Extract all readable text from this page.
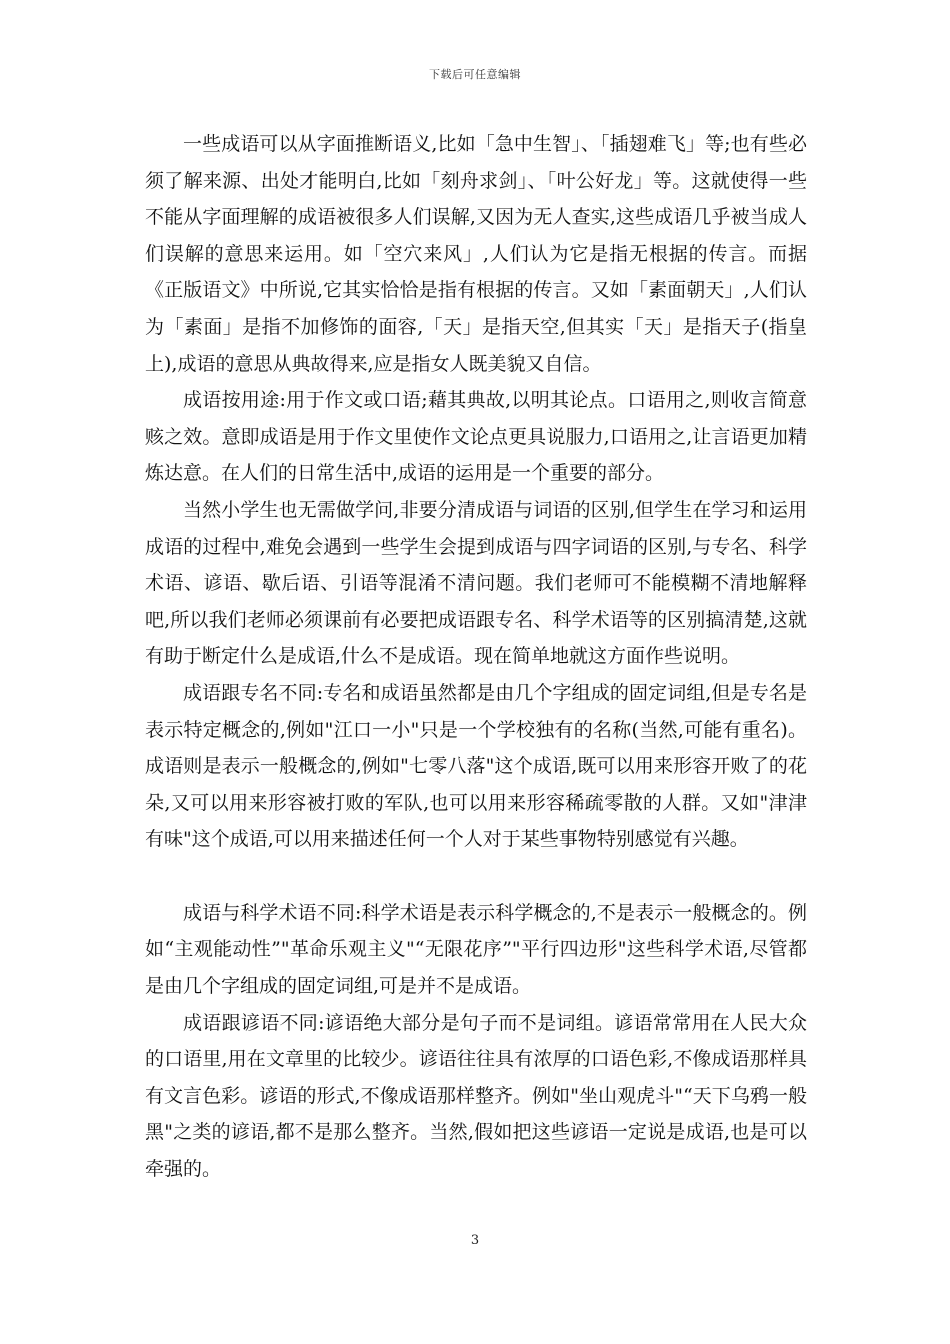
下载后可任意编辑

一些成语可以从字面推断语义,比如「急中生智」、「插翅难飞」等;也有些必须了解来源、出处才能明白,比如「刻舟求剑」、「叶公好龙」等。这就使得一些不能从字面理解的成语被很多人们误解,又因为无人查实,这些成语几乎被当成人们误解的意思来运用。如「空穴来风」,人们认为它是指无根据的传言。而据《正版语文》中所说,它其实恰恰是指有根据的传言。又如「素面朝天」,人们认为「素面」是指不加修饰的面容,「天」是指天空,但其实「天」是指天子(指皇上),成语的意思从典故得来,应是指女人既美貌又自信。

成语按用途:用于作文或口语;藉其典故,以明其论点。口语用之,则收言简意赅之效。意即成语是用于作文里使作文论点更具说服力,口语用之,让言语更加精炼达意。在人们的日常生活中,成语的运用是一个重要的部分。

当然小学生也无需做学问,非要分清成语与词语的区别,但学生在学习和运用成语的过程中,难免会遇到一些学生会提到成语与四字词语的区别,与专名、科学术语、谚语、歇后语、引语等混淆不清问题。我们老师可不能模糊不清地解释吧,所以我们老师必须课前有必要把成语跟专名、科学术语等的区别搞清楚,这就有助于断定什么是成语,什么不是成语。现在简单地就这方面作些说明。

成语跟专名不同:专名和成语虽然都是由几个字组成的固定词组,但是专名是表示特定概念的,例如"江口一小"只是一个学校独有的名称(当然,可能有重名)。成语则是表示一般概念的,例如"七零八落"这个成语,既可以用来形容开败了的花朵,又可以用来形容被打败的军队,也可以用来形容稀疏零散的人群。又如"津津有味"这个成语,可以用来描述任何一个人对于某些事物特别感觉有兴趣。

成语与科学术语不同:科学术语是表示科学概念的,不是表示一般概念的。例如“主观能动性”"革命乐观主义"“无限花序”"平行四边形"这些科学术语,尽管都是由几个字组成的固定词组,可是并不是成语。

成语跟谚语不同:谚语绝大部分是句子而不是词组。谚语常常用在人民大众的口语里,用在文章里的比较少。谚语往往具有浓厚的口语色彩,不像成语那样具有文言色彩。谚语的形式,不像成语那样整齐。例如"坐山观虎斗"“天下乌鸦一般黑"之类的谚语,都不是那么整齐。当然,假如把这些谚语一定说是成语,也是可以牵强的。

3
